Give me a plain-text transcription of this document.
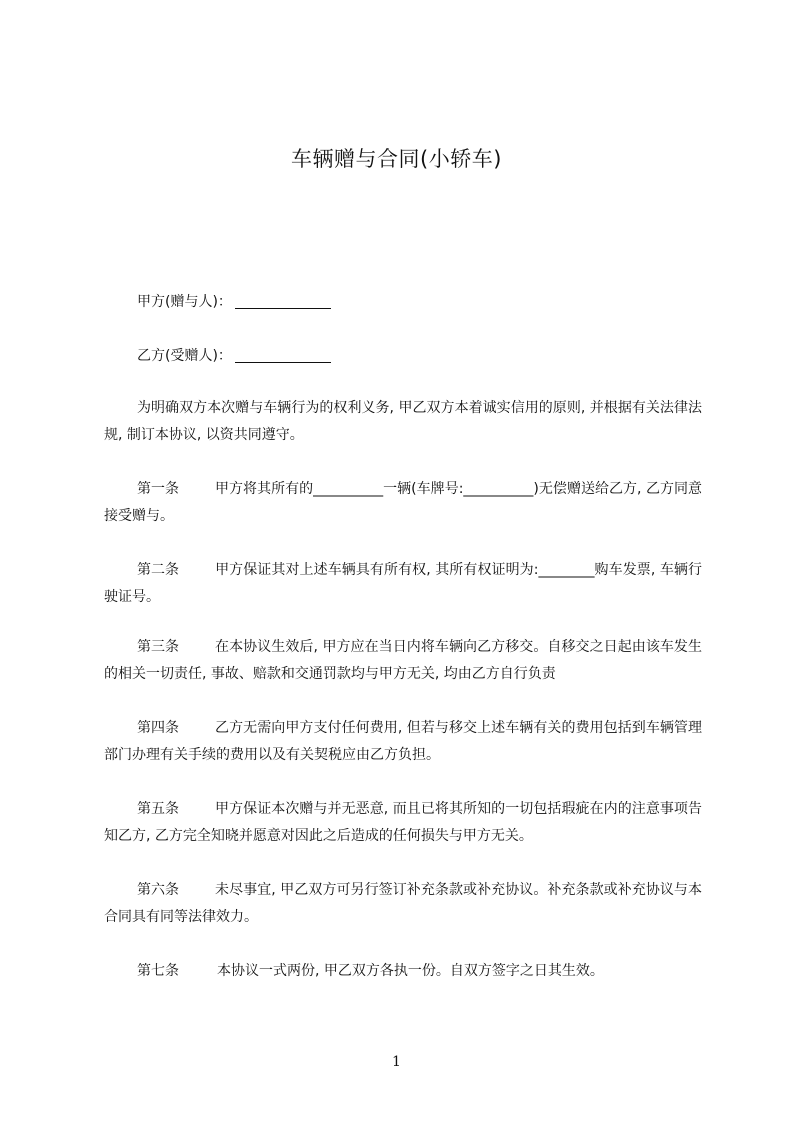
车辆赠与合同(小轿车)
甲方(赠与人)：
乙方(受赠人)：
为明确双方本次赠与车辆行为的权利义务, 甲乙双方本着诚实信用的原则, 并根据有关法律法规, 制订本协议, 以资共同遵守。
第一条	甲方将其所有的__________一辆(车牌号:__________)无偿赠送给乙方, 乙方同意接受赠与。
第二条	甲方保证其对上述车辆具有所有权, 其所有权证明为:________购车发票, 车辆行驶证号。
第三条	在本协议生效后, 甲方应在当日内将车辆向乙方移交。自移交之日起由该车发生的相关一切责任, 事故、赔款和交通罚款均与甲方无关, 均由乙方自行负责
第四条	乙方无需向甲方支付任何费用, 但若与移交上述车辆有关的费用包括到车辆管理部门办理有关手续的费用以及有关契税应由乙方负担。
第五条	甲方保证本次赠与并无恶意, 而且已将其所知的一切包括瑕疵在内的注意事项告知乙方, 乙方完全知晓并愿意对因此之后造成的任何损失与甲方无关。
第六条	未尽事宜, 甲乙双方可另行签订补充条款或补充协议。补充条款或补充协议与本合同具有同等法律效力。
第七条	本协议一式两份, 甲乙双方各执一份。自双方签字之日其生效。
1
